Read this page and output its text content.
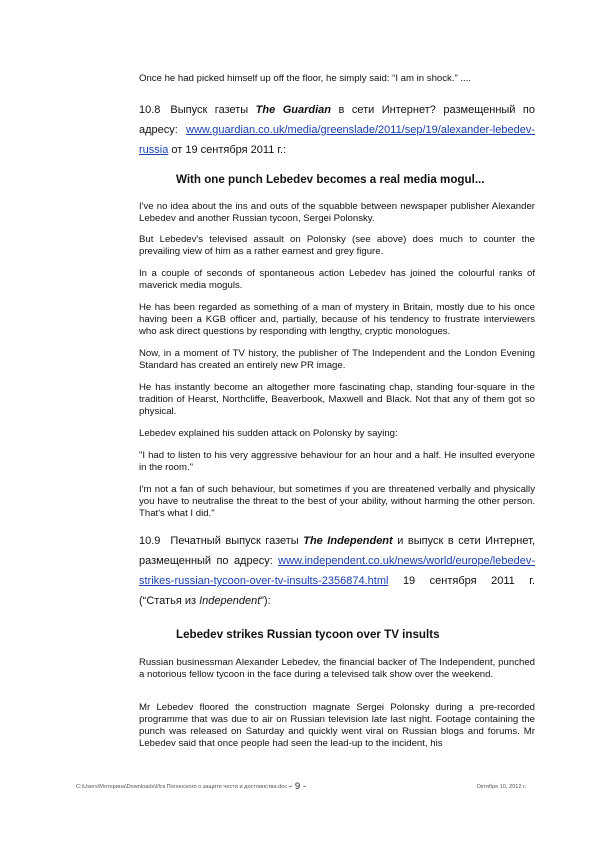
Once he had picked himself up off the floor, he simply said: “I am in shock.” ....

10.8 Выпуск газеты The Guardian в сети Интернет? размещенный по адресу: www.guardian.co.uk/media/greenslade/2011/sep/19/alexander-lebedev-russia от 19 сентября 2011 г.:
With one punch Lebedev becomes a real media mogul...

I've no idea about the ins and outs of the squabble between newspaper publisher Alexander Lebedev and another Russian tycoon, Sergei Polonsky.

But Lebedev's televised assault on Polonsky (see above) does much to counter the prevailing view of him as a rather earnest and grey figure.

In a couple of seconds of spontaneous action Lebedev has joined the colourful ranks of maverick media moguls.

He has been regarded as something of a man of mystery in Britain, mostly due to his once having been a KGB officer and, partially, because of his tendency to frustrate interviewers who ask direct questions by responding with lengthy, cryptic monologues.

Now, in a moment of TV history, the publisher of The Independent and the London Evening Standard has created an entirely new PR image.

He has instantly become an altogether more fascinating chap, standing four-square in the tradition of Hearst, Northcliffe, Beaverbook, Maxwell and Black. Not that any of them got so physical.

Lebedev explained his sudden attack on Polonsky by saying:

"I had to listen to his very aggressive behaviour for an hour and a half. He insulted everyone in the room."

I'm not a fan of such behaviour, but sometimes if you are threatened verbally and physically you have to neutralise the threat to the best of your ability, without harming the other person. That's what I did."

10.9 Печатный выпуск газеты The Independent и выпуск в сети Интернет, размещенный по адресу: www.independent.co.uk/news/world/europe/lebedev-strikes-russian-tycoon-over-tv-insults-2356874.html 19 сентября 2011 г. (“Статья из Independent”):
Lebedev strikes Russian tycoon over TV insults

Russian businessman Alexander Lebedev, the financial backer of The Independent, punched a notorious fellow tycoon in the face during a televised talk show over the weekend.

Mr Lebedev floored the construction magnate Sergei Polonsky during a pre-recorded programme that was due to air on Russian television late last night. Footage containing the punch was released on Saturday and quickly went viral on Russian blogs and forums. Mr Lebedev said that once people had seen the lead-up to the incident, his

C:\Users\Моторина\Downloads\Иск Полонского о защите чести и достоинства.doc - 9 -	Октября 10, 2012 г.
